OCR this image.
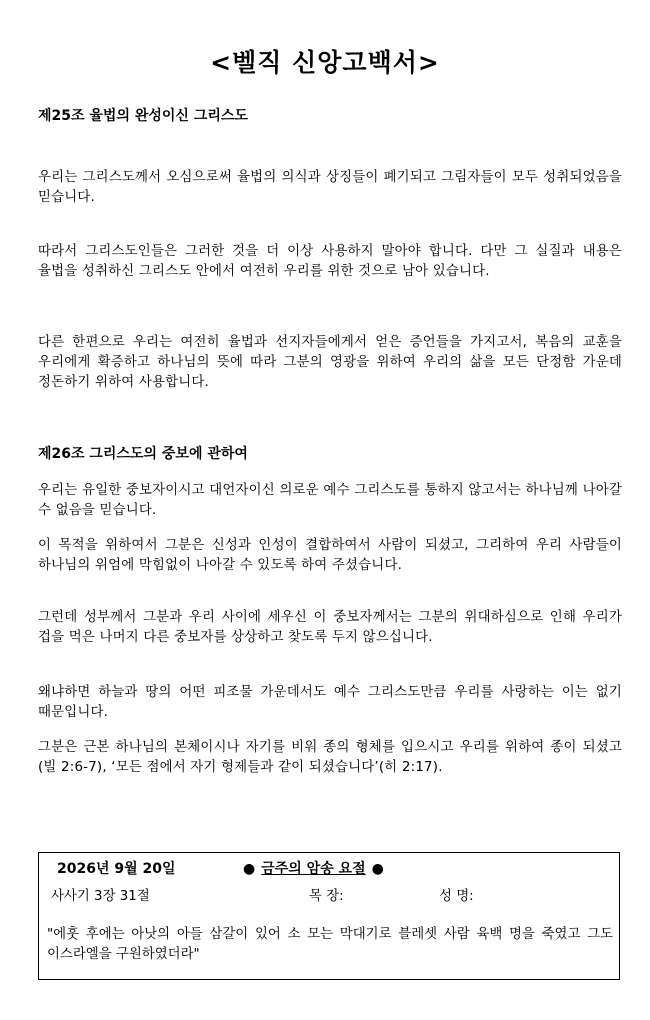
<벨직 신앙고백서>
제25조 율법의 완성이신 그리스도
우리는 그리스도께서 오심으로써 율법의 의식과 상징들이 폐기되고 그림자들이 모두 성취되었음을 믿습니다.
따라서 그리스도인들은 그러한 것을 더 이상 사용하지 말아야 합니다. 다만 그 실질과 내용은 율법을 성취하신 그리스도 안에서 여전히 우리를 위한 것으로 남아 있습니다.
다른 한편으로 우리는 여전히 율법과 선지자들에게서 얻은 증언들을 가지고서, 복음의 교훈을 우리에게 확증하고 하나님의 뜻에 따라 그분의 영광을 위하여 우리의 삶을 모든 단정함 가운데 정돈하기 위하여 사용합니다.
제26조 그리스도의 중보에 관하여
우리는 유일한 중보자이시고 대언자이신 의로운 예수 그리스도를 통하지 않고서는 하나님께 나아갈 수 없음을 믿습니다.
이 목적을 위하여서 그분은 신성과 인성이 결합하여서 사람이 되셨고, 그리하여 우리 사람들이 하나님의 위엄에 막힘없이 나아갈 수 있도록 하여 주셨습니다.
그런데 성부께서 그분과 우리 사이에 세우신 이 중보자께서는 그분의 위대하심으로 인해 우리가 겁을 먹은 나머지 다른 중보자를 상상하고 찾도록 두지 않으십니다.
왜냐하면 하늘과 땅의 어떤 피조물 가운데서도 예수 그리스도만큼 우리를 사랑하는 이는 없기 때문입니다.
그분은 근본 하나님의 본체이시나 자기를 비워 종의 형체를 입으시고 우리를 위하여 종이 되셨고(빌 2:6-7), ‘모든 점에서 자기 형제들과 같이 되셨습니다’(히 2:17).
2026년 9월 20일	● 금주의 암송 요절 ●
사사기 3장 31절	목 장:	성 명:
"에훗 후에는 아낫의 아들 삼갈이 있어 소 모는 막대기로 블레셋 사람 육백 명을 죽였고 그도 이스라엘을 구원하였더라"
